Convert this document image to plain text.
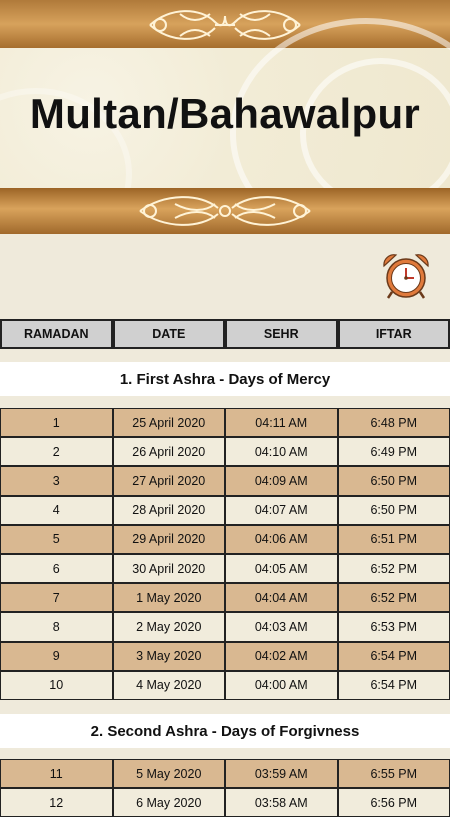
Multan/Bahawalpur
RAMADAN	DATE	SEHR	IFTAR
1. First Ashra - Days of Mercy
1	25 April 2020	04:11 AM	6:48 PM
2	26 April 2020	04:10 AM	6:49 PM
3	27 April 2020	04:09 AM	6:50 PM
4	28 April 2020	04:07 AM	6:50 PM
5	29 April 2020	04:06 AM	6:51 PM
6	30 April 2020	04:05 AM	6:52 PM
7	1 May 2020	04:04 AM	6:52 PM
8	2 May 2020	04:03 AM	6:53 PM
9	3 May 2020	04:02 AM	6:54 PM
10	4 May 2020	04:00 AM	6:54 PM
2. Second Ashra - Days of Forgivness
11	5 May 2020	03:59 AM	6:55 PM
12	6 May 2020	03:58 AM	6:56 PM
